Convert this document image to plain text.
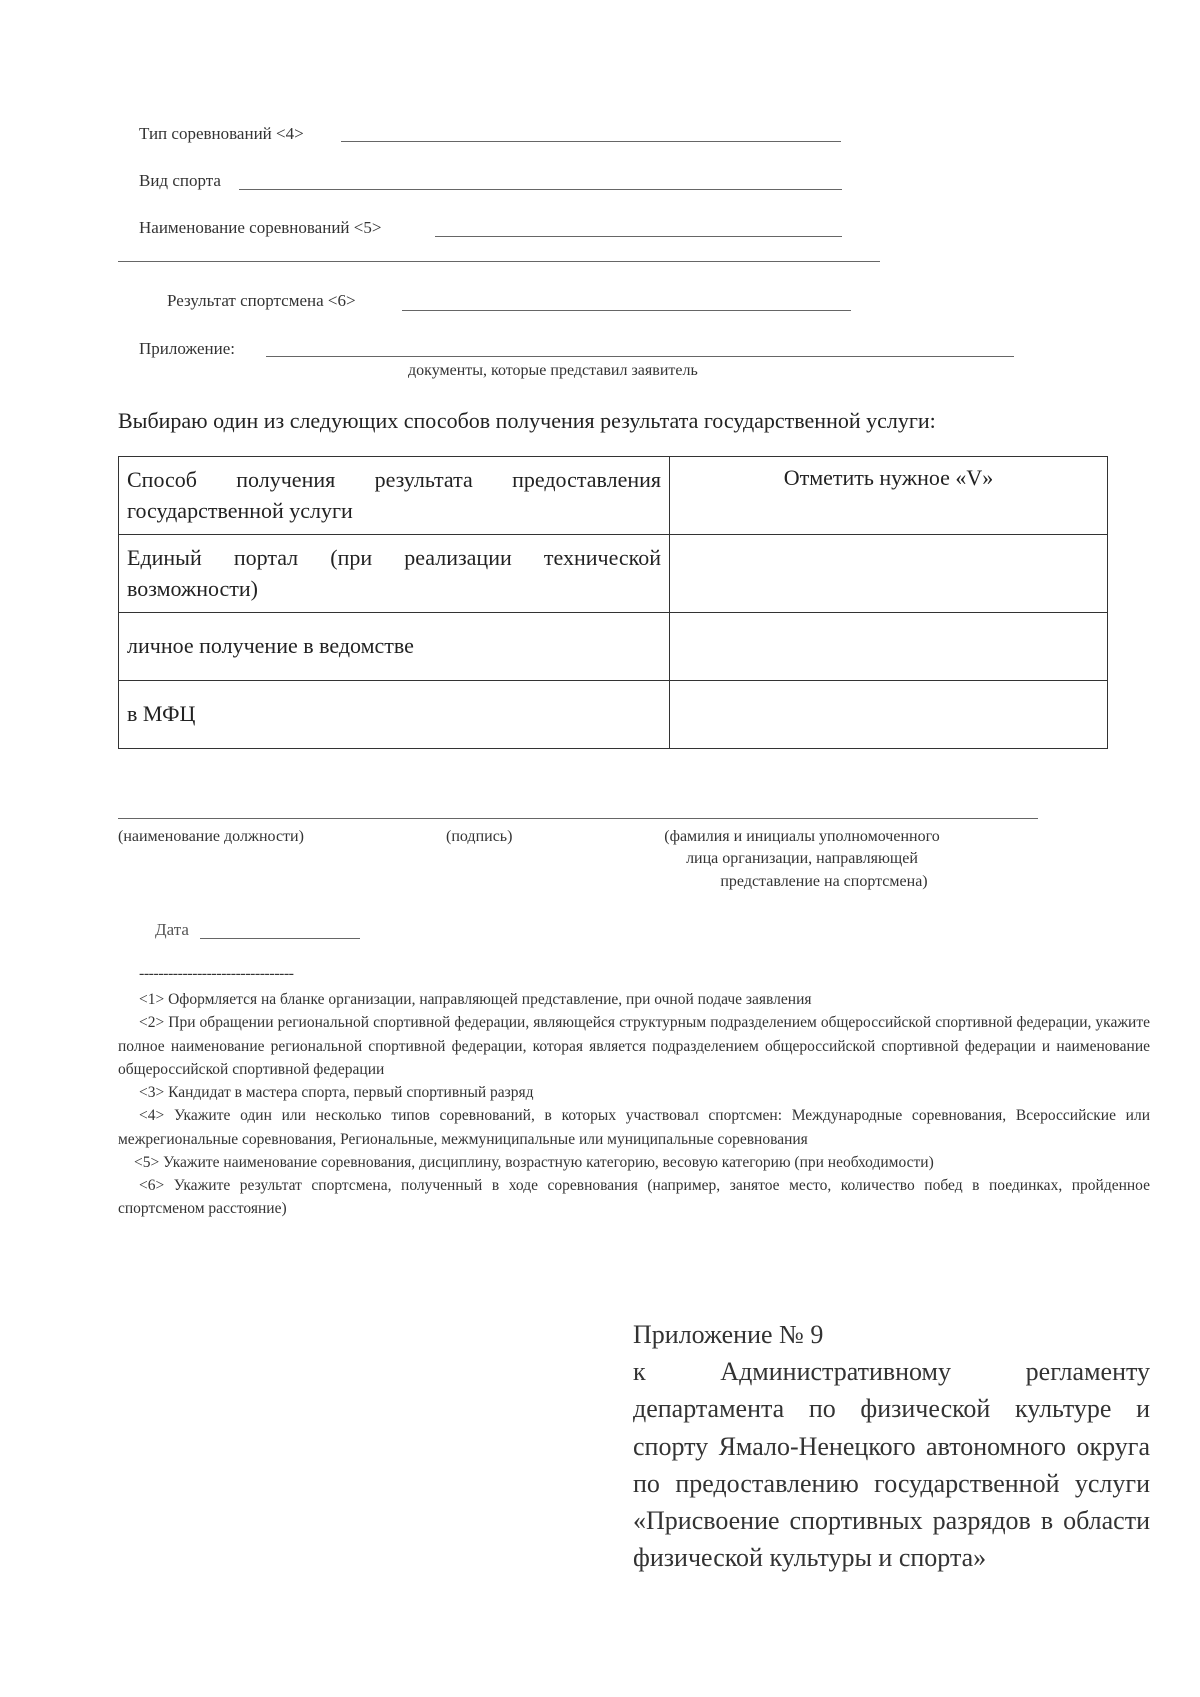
Тип соревнований <4>
Вид спорта
Наименование соревнований <5>
Результат спортсмена <6>
Приложение:
документы, которые представил заявитель
Выбираю один из следующих способов получения результата государственной услуги:
Способ получения результата предоставления государственной услуги	Отметить нужное «V»
Единый портал (при реализации технической возможности)	
личное получение в ведомстве	
в МФЦ	
(наименование должности)	(подпись)	(фамилия и инициалы уполномоченного
лица организации, направляющей
представление на спортсмена)
Дата
--------------------------------
<1> Оформляется на бланке организации, направляющей представление, при очной подаче заявления
<2> При обращении региональной спортивной федерации, являющейся структурным подразделением общероссийской спортивной федерации, укажите полное наименование региональной спортивной федерации, которая является подразделением общероссийской спортивной федерации и наименование общероссийской спортивной федерации
<3> Кандидат в мастера спорта, первый спортивный разряд
<4> Укажите один или несколько типов соревнований, в которых участвовал спортсмен: Международные соревнования, Всероссийские или межрегиональные соревнования, Региональные, межмуниципальные или муниципальные соревнования
<5> Укажите наименование соревнования, дисциплину, возрастную категорию, весовую категорию (при необходимости)
<6> Укажите результат спортсмена, полученный в ходе соревнования (например, занятое место, количество побед в поединках, пройденное спортсменом расстояние)
Приложение № 9
к Административному регламенту департамента по физической культуре и спорту Ямало-Ненецкого автономного округа по предоставлению государственной услуги «Присвоение спортивных разрядов в области физической культуры и спорта»
